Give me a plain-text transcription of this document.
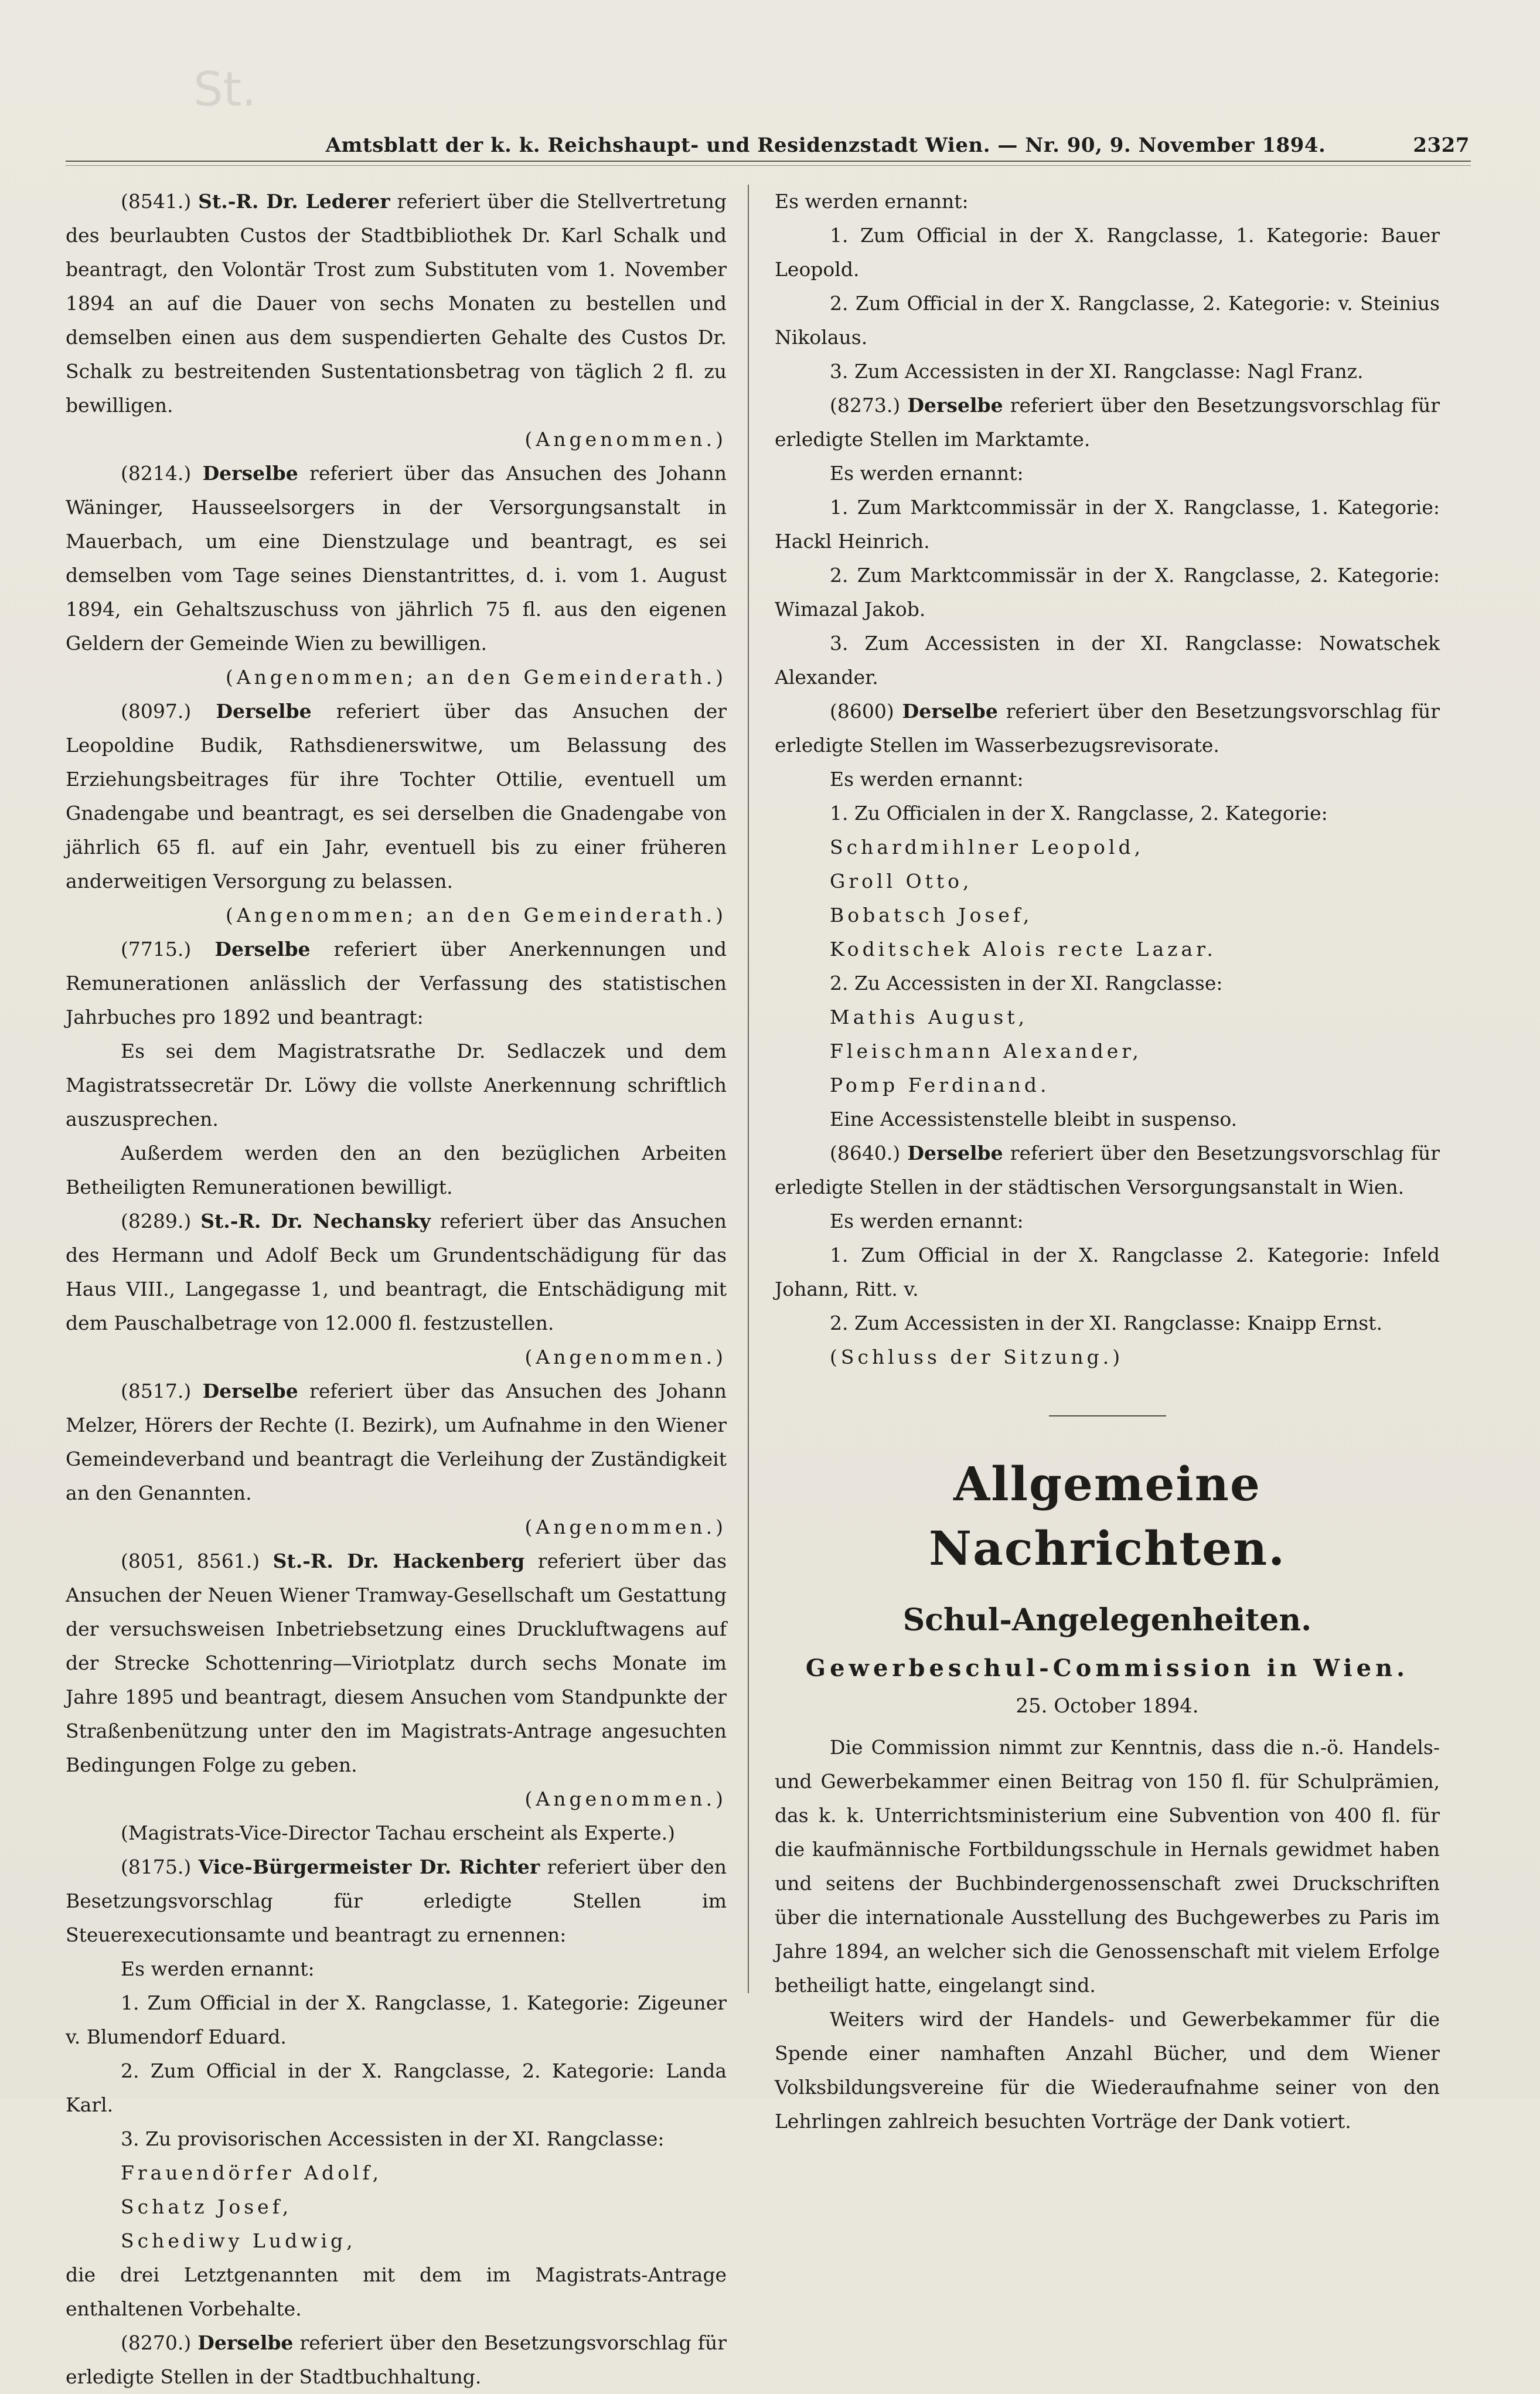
St.
Amtsblatt der k. k. Reichshaupt- und Residenzstadt Wien. — Nr. 90, 9. November 1894.	2327

(8541.) St.-R. Dr. Lederer referiert über die Stellvertretung des beurlaubten Custos der Stadtbibliothek Dr. Karl Schalk und beantragt, den Volontär Trost zum Substituten vom 1. November 1894 an auf die Dauer von sechs Monaten zu bestellen und demselben einen aus dem suspendierten Gehalte des Custos Dr. Schalk zu bestreitenden Sustentationsbetrag von täglich 2 fl. zu bewilligen.

(Angenommen.)

(8214.) Derselbe referiert über das Ansuchen des Johann Wäninger, Hausseelsorgers in der Versorgungsanstalt in Mauerbach, um eine Dienstzulage und beantragt, es sei demselben vom Tage seines Dienstantrittes, d. i. vom 1. August 1894, ein Gehaltszuschuss von jährlich 75 fl. aus den eigenen Geldern der Gemeinde Wien zu bewilligen.

(Angenommen; an den Gemeinderath.)

(8097.) Derselbe referiert über das Ansuchen der Leopoldine Budik, Rathsdienerswitwe, um Belassung des Erziehungsbeitrages für ihre Tochter Ottilie, eventuell um Gnadengabe und beantragt, es sei derselben die Gnadengabe von jährlich 65 fl. auf ein Jahr, eventuell bis zu einer früheren anderweitigen Versorgung zu belassen.

(Angenommen; an den Gemeinderath.)

(7715.) Derselbe referiert über Anerkennungen und Remunerationen anlässlich der Verfassung des statistischen Jahrbuches pro 1892 und beantragt:

Es sei dem Magistratsrathe Dr. Sedlaczek und dem Magistratssecretär Dr. Löwy die vollste Anerkennung schriftlich auszusprechen.

Außerdem werden den an den bezüglichen Arbeiten Betheiligten Remunerationen bewilligt.

(8289.) St.-R. Dr. Nechansky referiert über das Ansuchen des Hermann und Adolf Beck um Grundentschädigung für das Haus VIII., Langegasse 1, und beantragt, die Entschädigung mit dem Pauschalbetrage von 12.000 fl. festzustellen.

(Angenommen.)

(8517.) Derselbe referiert über das Ansuchen des Johann Melzer, Hörers der Rechte (I. Bezirk), um Aufnahme in den Wiener Gemeindeverband und beantragt die Verleihung der Zuständigkeit an den Genannten.

(Angenommen.)

(8051, 8561.) St.-R. Dr. Hackenberg referiert über das Ansuchen der Neuen Wiener Tramway-Gesellschaft um Gestattung der versuchsweisen Inbetriebsetzung eines Druckluftwagens auf der Strecke Schottenring—Viriotplatz durch sechs Monate im Jahre 1895 und beantragt, diesem Ansuchen vom Standpunkte der Straßenbenützung unter den im Magistrats-Antrage angesuchten Bedingungen Folge zu geben.

(Angenommen.)

(Magistrats-Vice-Director Tachau erscheint als Experte.)

(8175.) Vice-Bürgermeister Dr. Richter referiert über den Besetzungsvorschlag für erledigte Stellen im Steuerexecutionsamte und beantragt zu ernennen:

Es werden ernannt:

1. Zum Official in der X. Rangclasse, 1. Kategorie: Zigeuner v. Blumendorf Eduard.

2. Zum Official in der X. Rangclasse, 2. Kategorie: Landa Karl.

3. Zu provisorischen Accessisten in der XI. Rangclasse:

Frauendörfer Adolf,

Schatz Josef,

Schediwy Ludwig,

die drei Letztgenannten mit dem im Magistrats-Antrage enthaltenen Vorbehalte.

(8270.) Derselbe referiert über den Besetzungsvorschlag für erledigte Stellen in der Stadtbuchhaltung.

Es werden ernannt:

1. Zum Official in der X. Rangclasse, 1. Kategorie: Bauer Leopold.

2. Zum Official in der X. Rangclasse, 2. Kategorie: v. Steinius Nikolaus.

3. Zum Accessisten in der XI. Rangclasse: Nagl Franz.

(8273.) Derselbe referiert über den Besetzungsvorschlag für erledigte Stellen im Marktamte.

Es werden ernannt:

1. Zum Marktcommissär in der X. Rangclasse, 1. Kategorie: Hackl Heinrich.

2. Zum Marktcommissär in der X. Rangclasse, 2. Kategorie: Wimazal Jakob.

3. Zum Accessisten in der XI. Rangclasse: Nowatschek Alexander.

(8600) Derselbe referiert über den Besetzungsvorschlag für erledigte Stellen im Wasserbezugsrevisorate.

Es werden ernannt:

1. Zu Officialen in der X. Rangclasse, 2. Kategorie:

Schardmihlner Leopold,

Groll Otto,

Bobatsch Josef,

Koditschek Alois recte Lazar.

2. Zu Accessisten in der XI. Rangclasse:

Mathis August,

Fleischmann Alexander,

Pomp Ferdinand.

Eine Accessistenstelle bleibt in suspenso.

(8640.) Derselbe referiert über den Besetzungsvorschlag für erledigte Stellen in der städtischen Versorgungsanstalt in Wien.

Es werden ernannt:

1. Zum Official in der X. Rangclasse 2. Kategorie: Infeld Johann, Ritt. v.

2. Zum Accessisten in der XI. Rangclasse: Knaipp Ernst.

(Schluss der Sitzung.)

Allgemeine Nachrichten.
Schul-Angelegenheiten.
Gewerbeschul-Commission in Wien.

25. October 1894.

Die Commission nimmt zur Kenntnis, dass die n.-ö. Handels- und Gewerbekammer einen Beitrag von 150 fl. für Schulprämien, das k. k. Unterrichtsministerium eine Subvention von 400 fl. für die kaufmännische Fortbildungsschule in Hernals gewidmet haben und seitens der Buchbindergenossenschaft zwei Druckschriften über die internationale Ausstellung des Buchgewerbes zu Paris im Jahre 1894, an welcher sich die Genossenschaft mit vielem Erfolge betheiligt hatte, eingelangt sind.

Weiters wird der Handels- und Gewerbekammer für die Spende einer namhaften Anzahl Bücher, und dem Wiener Volksbildungsvereine für die Wiederaufnahme seiner von den Lehrlingen zahlreich besuchten Vorträge der Dank votiert.
